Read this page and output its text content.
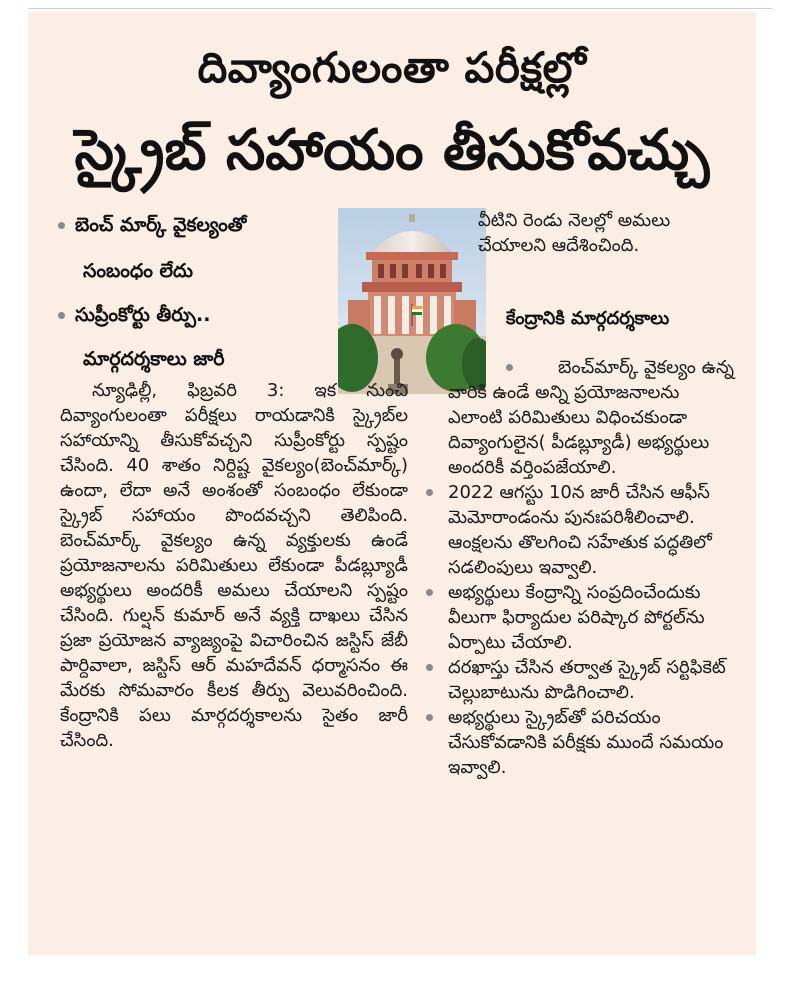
దివ్యాంగులంతా పరీక్షల్లో
స్క్రైబ్ సహాయం తీసుకోవచ్చు
బెంచ్ మార్క్ వైకల్యంతో
సంబంధం లేదు
సుప్రీంకోర్టు తీర్పు..
మార్గదర్శకాలు జారీ

వీటిని రెండు నెలల్లో అమలు చేయాలని ఆదేశించింది.

కేంద్రానికి మార్గదర్శకాలు

న్యూఢిల్లీ, ఫిబ్రవరి 3: ఇక నుంచి దివ్యాంగులంతా పరీక్షలు రాయడానికి స్క్రైబ్‌ల సహాయాన్ని తీసుకోవచ్చని సుప్రీంకోర్టు స్పష్టం చేసింది. 40 శాతం నిర్దిష్ట వైకల్యం(బెంచ్‌మార్క్) ఉందా, లేదా అనే అంశంతో సంబంధం లేకుండా స్క్రైబ్ సహాయం పొందవచ్చని తెలిపింది. బెంచ్‌మార్క్ వైకల్యం ఉన్న వ్యక్తులకు ఉండే ప్రయోజనాలను పరిమితులు లేకుండా పీడబ్ల్యూడీ అభ్యర్థులు అందరికీ అమలు చేయాలని స్పష్టం చేసింది. గుల్షన్ కుమార్ అనే వ్యక్తి దాఖలు చేసిన ప్రజా ప్రయోజన వ్యాజ్యంపై విచారించిన జస్టిస్ జేబీ పార్దివాలా, జస్టిస్ ఆర్ మహదేవన్ ధర్మాసనం ఈ మేరకు సోమవారం కీలక తీర్పు వెలువరించింది. కేంద్రానికి పలు మార్గదర్శకాలను సైతం జారీ చేసింది.

బెంచ్‌మార్క్ వైకల్యం ఉన్న వారికి ఉండే అన్ని ప్రయోజనాలను ఎలాంటి పరిమితులు విధించకుండా దివ్యాంగులైన( పీడబ్ల్యూడీ) అభ్యర్థులు అందరికీ వర్తింపజేయాలి.
2022 ఆగస్టు 10న జారీ చేసిన ఆఫీస్ మెమోరాండంను పునఃపరిశీలించాలి. ఆంక్షలను తొలగించి సహేతుక పద్ధతిలో సడలింపులు ఇవ్వాలి.
అభ్యర్థులు కేంద్రాన్ని సంప్రదించేందుకు వీలుగా ఫిర్యాదుల పరిష్కార పోర్టల్‌ను ఏర్పాటు చేయాలి.
దరఖాస్తు చేసిన తర్వాత స్క్రైబ్ సర్టిఫికెట్ చెల్లుబాటును పొడిగించాలి.
అభ్యర్థులు స్క్రైబ్‌తో పరిచయం చేసుకోవడానికి పరీక్షకు ముందే సమయం ఇవ్వాలి.
